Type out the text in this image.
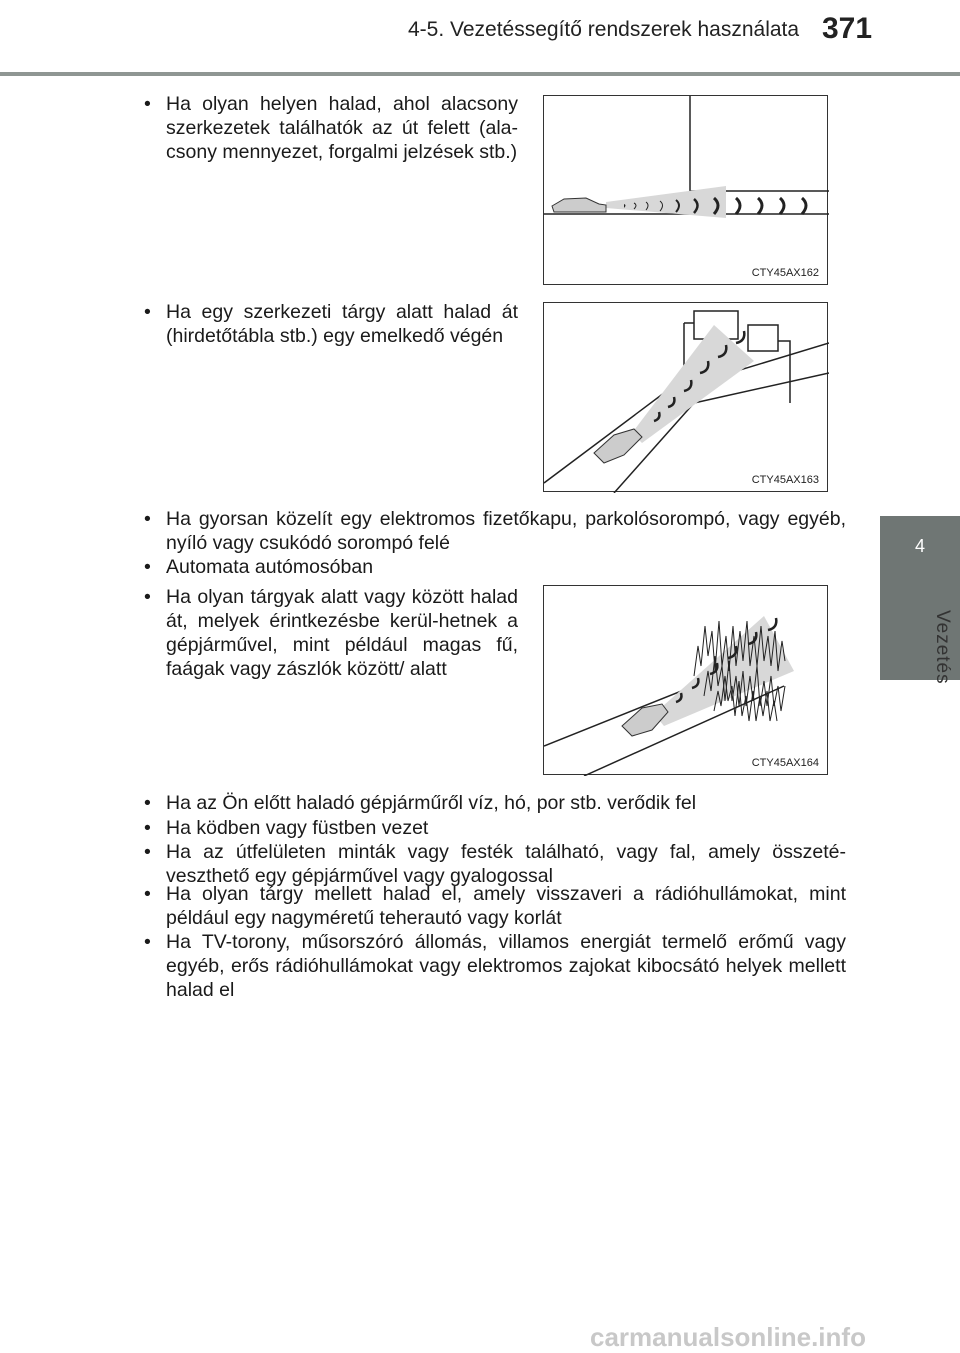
4-5. Vezetéssegítő rendszerek használata 371
4
Vezetés
• Ha olyan helyen halad, ahol alacsony szerkezetek találhatók az út felett (ala-csony mennyezet, forgalmi jelzések stb.)
CTY45AX162
• Ha egy szerkezeti tárgy alatt halad át (hirdetőtábla stb.) egy emelkedő végén
CTY45AX163
• Ha gyorsan közelít egy elektromos fizetőkapu, parkolósorompó, vagy egyéb, nyíló vagy csukódó sorompó felé
• Automata autómosóban
• Ha olyan tárgyak alatt vagy között halad át, melyek érintkezésbe kerül-hetnek a gépjárművel, mint például magas fű, faágak vagy zászlók között/ alatt
CTY45AX164
• Ha az Ön előtt haladó gépjárműről víz, hó, por stb. verődik fel
• Ha ködben vagy füstben vezet
• Ha az útfelületen minták vagy festék található, vagy fal, amely összeté-veszthető egy gépjárművel vagy gyalogossal
• Ha olyan tárgy mellett halad el, amely visszaveri a rádióhullámokat, mint például egy nagyméretű teherautó vagy korlát
• Ha TV-torony, műsorszóró állomás, villamos energiát termelő erőmű vagy egyéb, erős rádióhullámokat vagy elektromos zajokat kibocsátó helyek mellett halad el
carmanualsonline.info
